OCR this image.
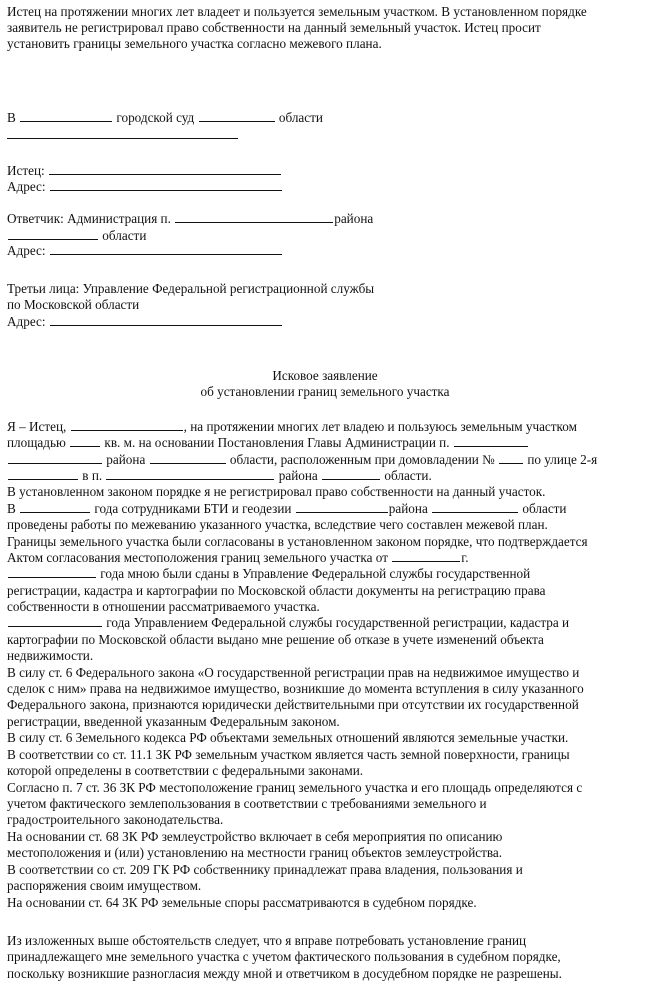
Истец на протяжении многих лет владеет и пользуется земельным участком. В установленном порядке
заявитель не регистрировал право собственности на данный земельный участок. Истец просит
установить границы земельного участка согласно межевого плана.
В	городской суд	области
Истец:
Адрес:
Ответчик: Администрация п.	района
области
Адрес:
Третьи лица: Управление Федеральной регистрационной службы
по Московской области
Адрес:
Исковое заявление
об установлении границ земельного участка
Я – Истец,	, на протяжении многих лет владею и пользуюсь земельным участком
площадью	кв. м. на основании Постановления Главы Администрации п.
района	области, расположенным при домовладении № по улице 2-я
в п.	района	области.
В установленном законом порядке я не регистрировал право собственности на данный участок.
В	года сотрудниками БТИ и геодезии	района	области
проведены работы по межеванию указанного участка, вследствие чего составлен межевой план.
Границы земельного участка были согласованы в установленном законом порядке, что подтверждается
Актом согласования местоположения границ земельного участка от	г.
года мною были сданы в Управление Федеральной службы государственной
регистрации, кадастра и картографии по Московской области документы на регистрацию права
собственности в отношении рассматриваемого участка.
года Управлением Федеральной службы государственной регистрации, кадастра и
картографии по Московской области выдано мне решение об отказе в учете изменений объекта
недвижимости.
В силу ст. 6 Федерального закона «О государственной регистрации прав на недвижимое имущество и
сделок с ним» права на недвижимое имущество, возникшие до момента вступления в силу указанного
Федерального закона, признаются юридически действительными при отсутствии их государственной
регистрации, введенной указанным Федеральным законом.
В силу ст. 6 Земельного кодекса РФ объектами земельных отношений являются земельные участки.
В соответствии со ст. 11.1 ЗК РФ земельным участком является часть земной поверхности, границы
которой определены в соответствии с федеральными законами.
Согласно п. 7 ст. 36 ЗК РФ местоположение границ земельного участка и его площадь определяются с
учетом фактического землепользования в соответствии с требованиями земельного и
градостроительного законодательства.
На основании ст. 68 ЗК РФ землеустройство включает в себя мероприятия по описанию
местоположения и (или) установлению на местности границ объектов землеустройства.
В соответствии со ст. 209 ГК РФ собственнику принадлежат права владения, пользования и
распоряжения своим имуществом.
На основании ст. 64 ЗК РФ земельные споры рассматриваются в судебном порядке.
Из изложенных выше обстоятельств следует, что я вправе потребовать установление границ
принадлежащего мне земельного участка с учетом фактического пользования в судебном порядке,
поскольку возникшие разногласия между мной и ответчиком в досудебном порядке не разрешены.
